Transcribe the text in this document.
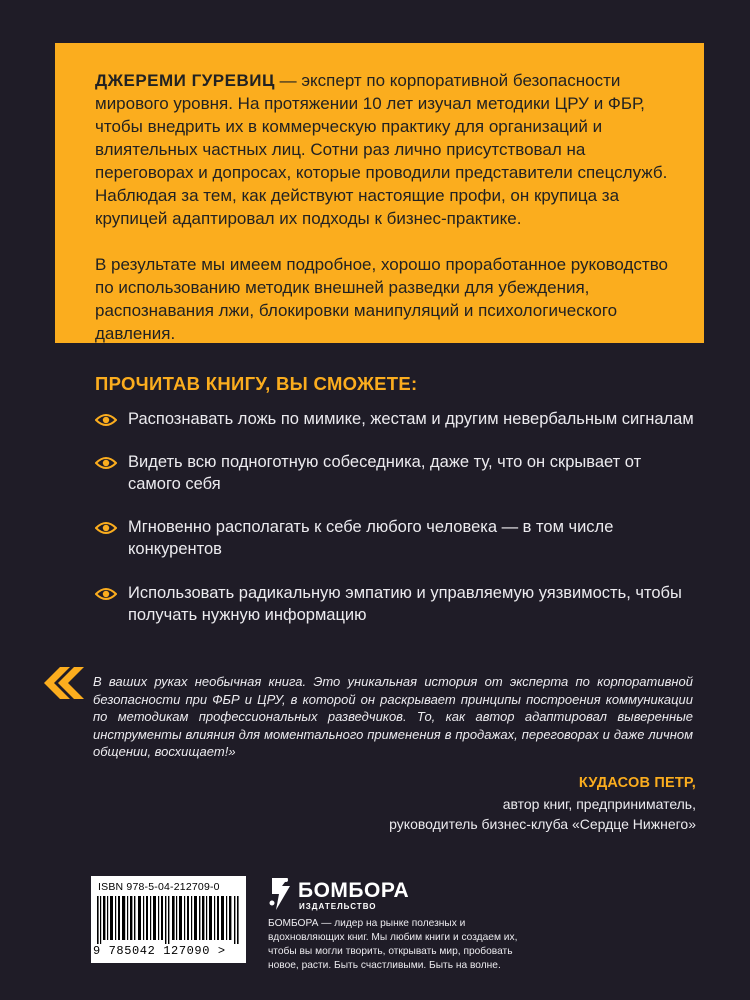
ДЖЕРЕМИ ГУРЕВИЦ — эксперт по корпоративной безопасности мирового уровня. На протяжении 10 лет изучал методики ЦРУ и ФБР, чтобы внедрить их в коммерческую практику для организаций и влиятельных частных лиц. Сотни раз лично присутствовал на переговорах и допросах, которые проводили представители спецслужб. Наблюдая за тем, как действуют настоящие профи, он крупица за крупицей адаптировал их подходы к бизнес-практике.

В результате мы имеем подробное, хорошо проработанное руководство по использованию методик внешней разведки для убеждения, распознавания лжи, блокировки манипуляций и психологического давления.

ПРОЧИТАВ КНИГУ, ВЫ СМОЖЕТЕ:
Распознавать ложь по мимике, жестам и другим невербальным сигналам
Видеть всю подноготную собеседника, даже ту, что он скрывает от самого себя
Мгновенно располагать к себе любого человека — в том числе конкурентов
Использовать радикальную эмпатию и управляемую уязвимость, чтобы получать нужную информацию

В ваших руках необычная книга. Это уникальная история от эксперта по корпоративной безопасности при ФБР и ЦРУ, в которой он раскрывает принципы построения коммуникации по методикам профессиональных разведчиков. То, как автор адаптировал выверенные инструменты влияния для моментального применения в продажах, переговорах и даже личном общении, восхищает!»

КУДАСОВ ПЕТР,
автор книг, предприниматель,
руководитель бизнес-клуба «Сердце Нижнего»
ISBN 978-5-04-212709-0
9 785042 127090 >
БОМБОРА
ИЗДАТЕЛЬСТВО

БОМБОРА — лидер на рынке полезных и вдохновляющих книг. Мы любим книги и создаем их, чтобы вы могли творить, открывать мир, пробовать новое, расти. Быть счастливыми. Быть на волне.
